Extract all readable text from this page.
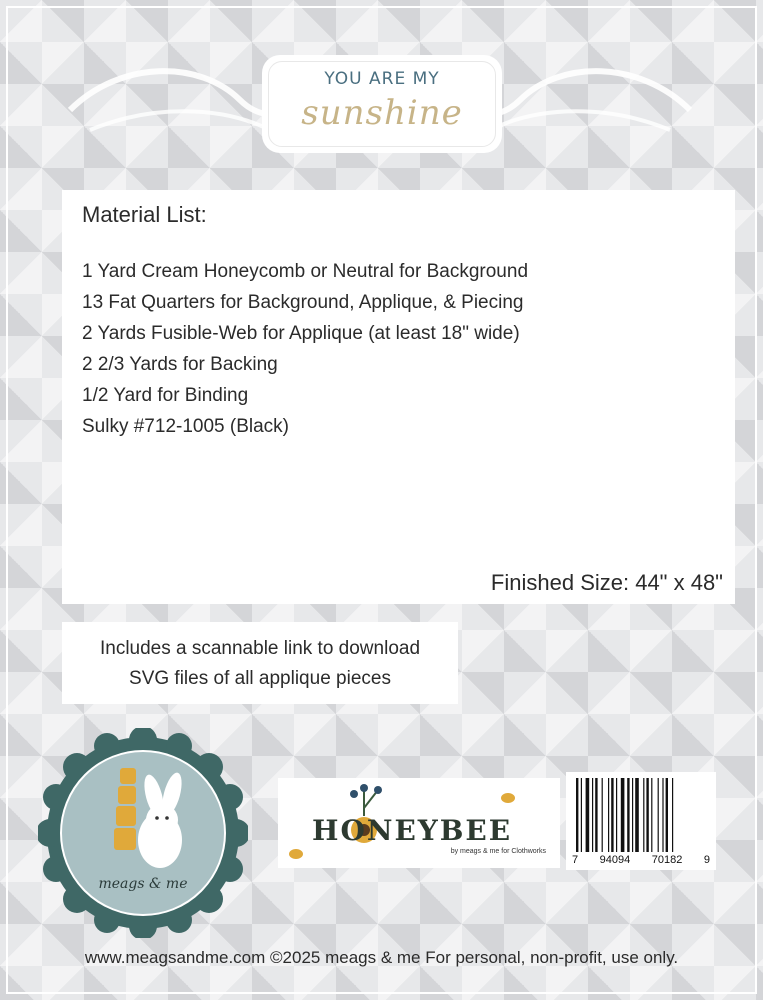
YOU ARE MY
sunshine
Material List:
1 Yard Cream Honeycomb or Neutral for Background
13 Fat Quarters for Background, Applique, & Piecing
2 Yards Fusible-Web for Applique (at least 18" wide)
2 2/3 Yards for Backing
1/2 Yard for Binding
Sulky #712-1005 (Black)
Finished Size: 44" x 48"
Includes a scannable link to download
SVG files of all applique pieces
meags & me
HONEYBEE
by meags & me for Clothworks
7 94094 70182 9
www.meagsandme.com ©2025 meags & me For personal, non-profit, use only.
